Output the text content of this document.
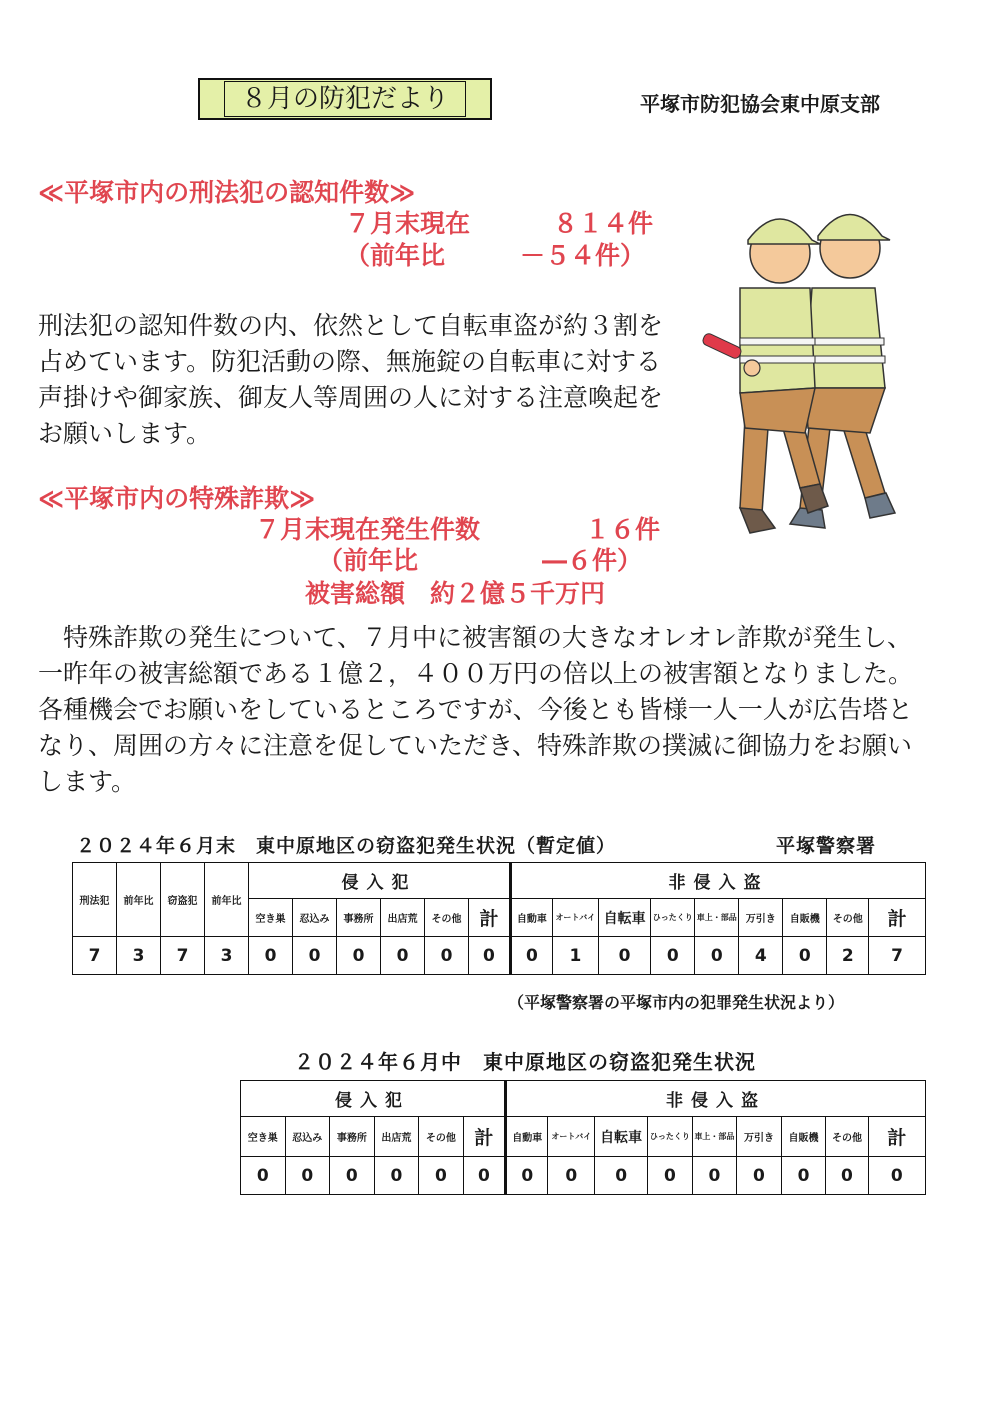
８月の防犯だより	平塚市防犯協会東中原支部
≪平塚市内の刑法犯の認知件数≫
７月末現在	８１４件
（前年比	－５４件）
刑法犯の認知件数の内、依然として自転車盗が約３割を占めています。防犯活動の際、無施錠の自転車に対する声掛けや御家族、御友人等周囲の人に対する注意喚起をお願いします。
≪平塚市内の特殊詐欺≫
７月末現在発生件数	１６件
（前年比	―６件）
被害総額　約２億５千万円
特殊詐欺の発生について、７月中に被害額の大きなオレオレ詐欺が発生し、一昨年の被害総額である１億２，４００万円の倍以上の被害額となりました。各種機会でお願いをしているところですが、今後とも皆様一人一人が広告塔となり、周囲の方々に注意を促していただき、特殊詐欺の撲滅に御協力をお願いします。
２０２４年６月末　東中原地区の窃盗犯発生状況（暫定値）	平塚警察署
刑法犯	前年比	窃盗犯	前年比	侵入犯						非侵入盗								
				空き巣	忍込み	事務所	出店荒	その他	計	自動車	オートバイ	自転車	ひったくり	車上・部品	万引き	自販機	その他	計
7	3	7	3	0	0	0	0	0	0	0	1	0	0	0	4	0	2	7
（平塚警察署の平塚市内の犯罪発生状況より）
２０２４年６月中　東中原地区の窃盗犯発生状況
侵入犯						非侵入盗								
空き巣	忍込み	事務所	出店荒	その他	計	自動車	オートバイ	自転車	ひったくり	車上・部品	万引き	自販機	その他	計
0	0	0	0	0	0	0	0	0	0	0	0	0	0	0
